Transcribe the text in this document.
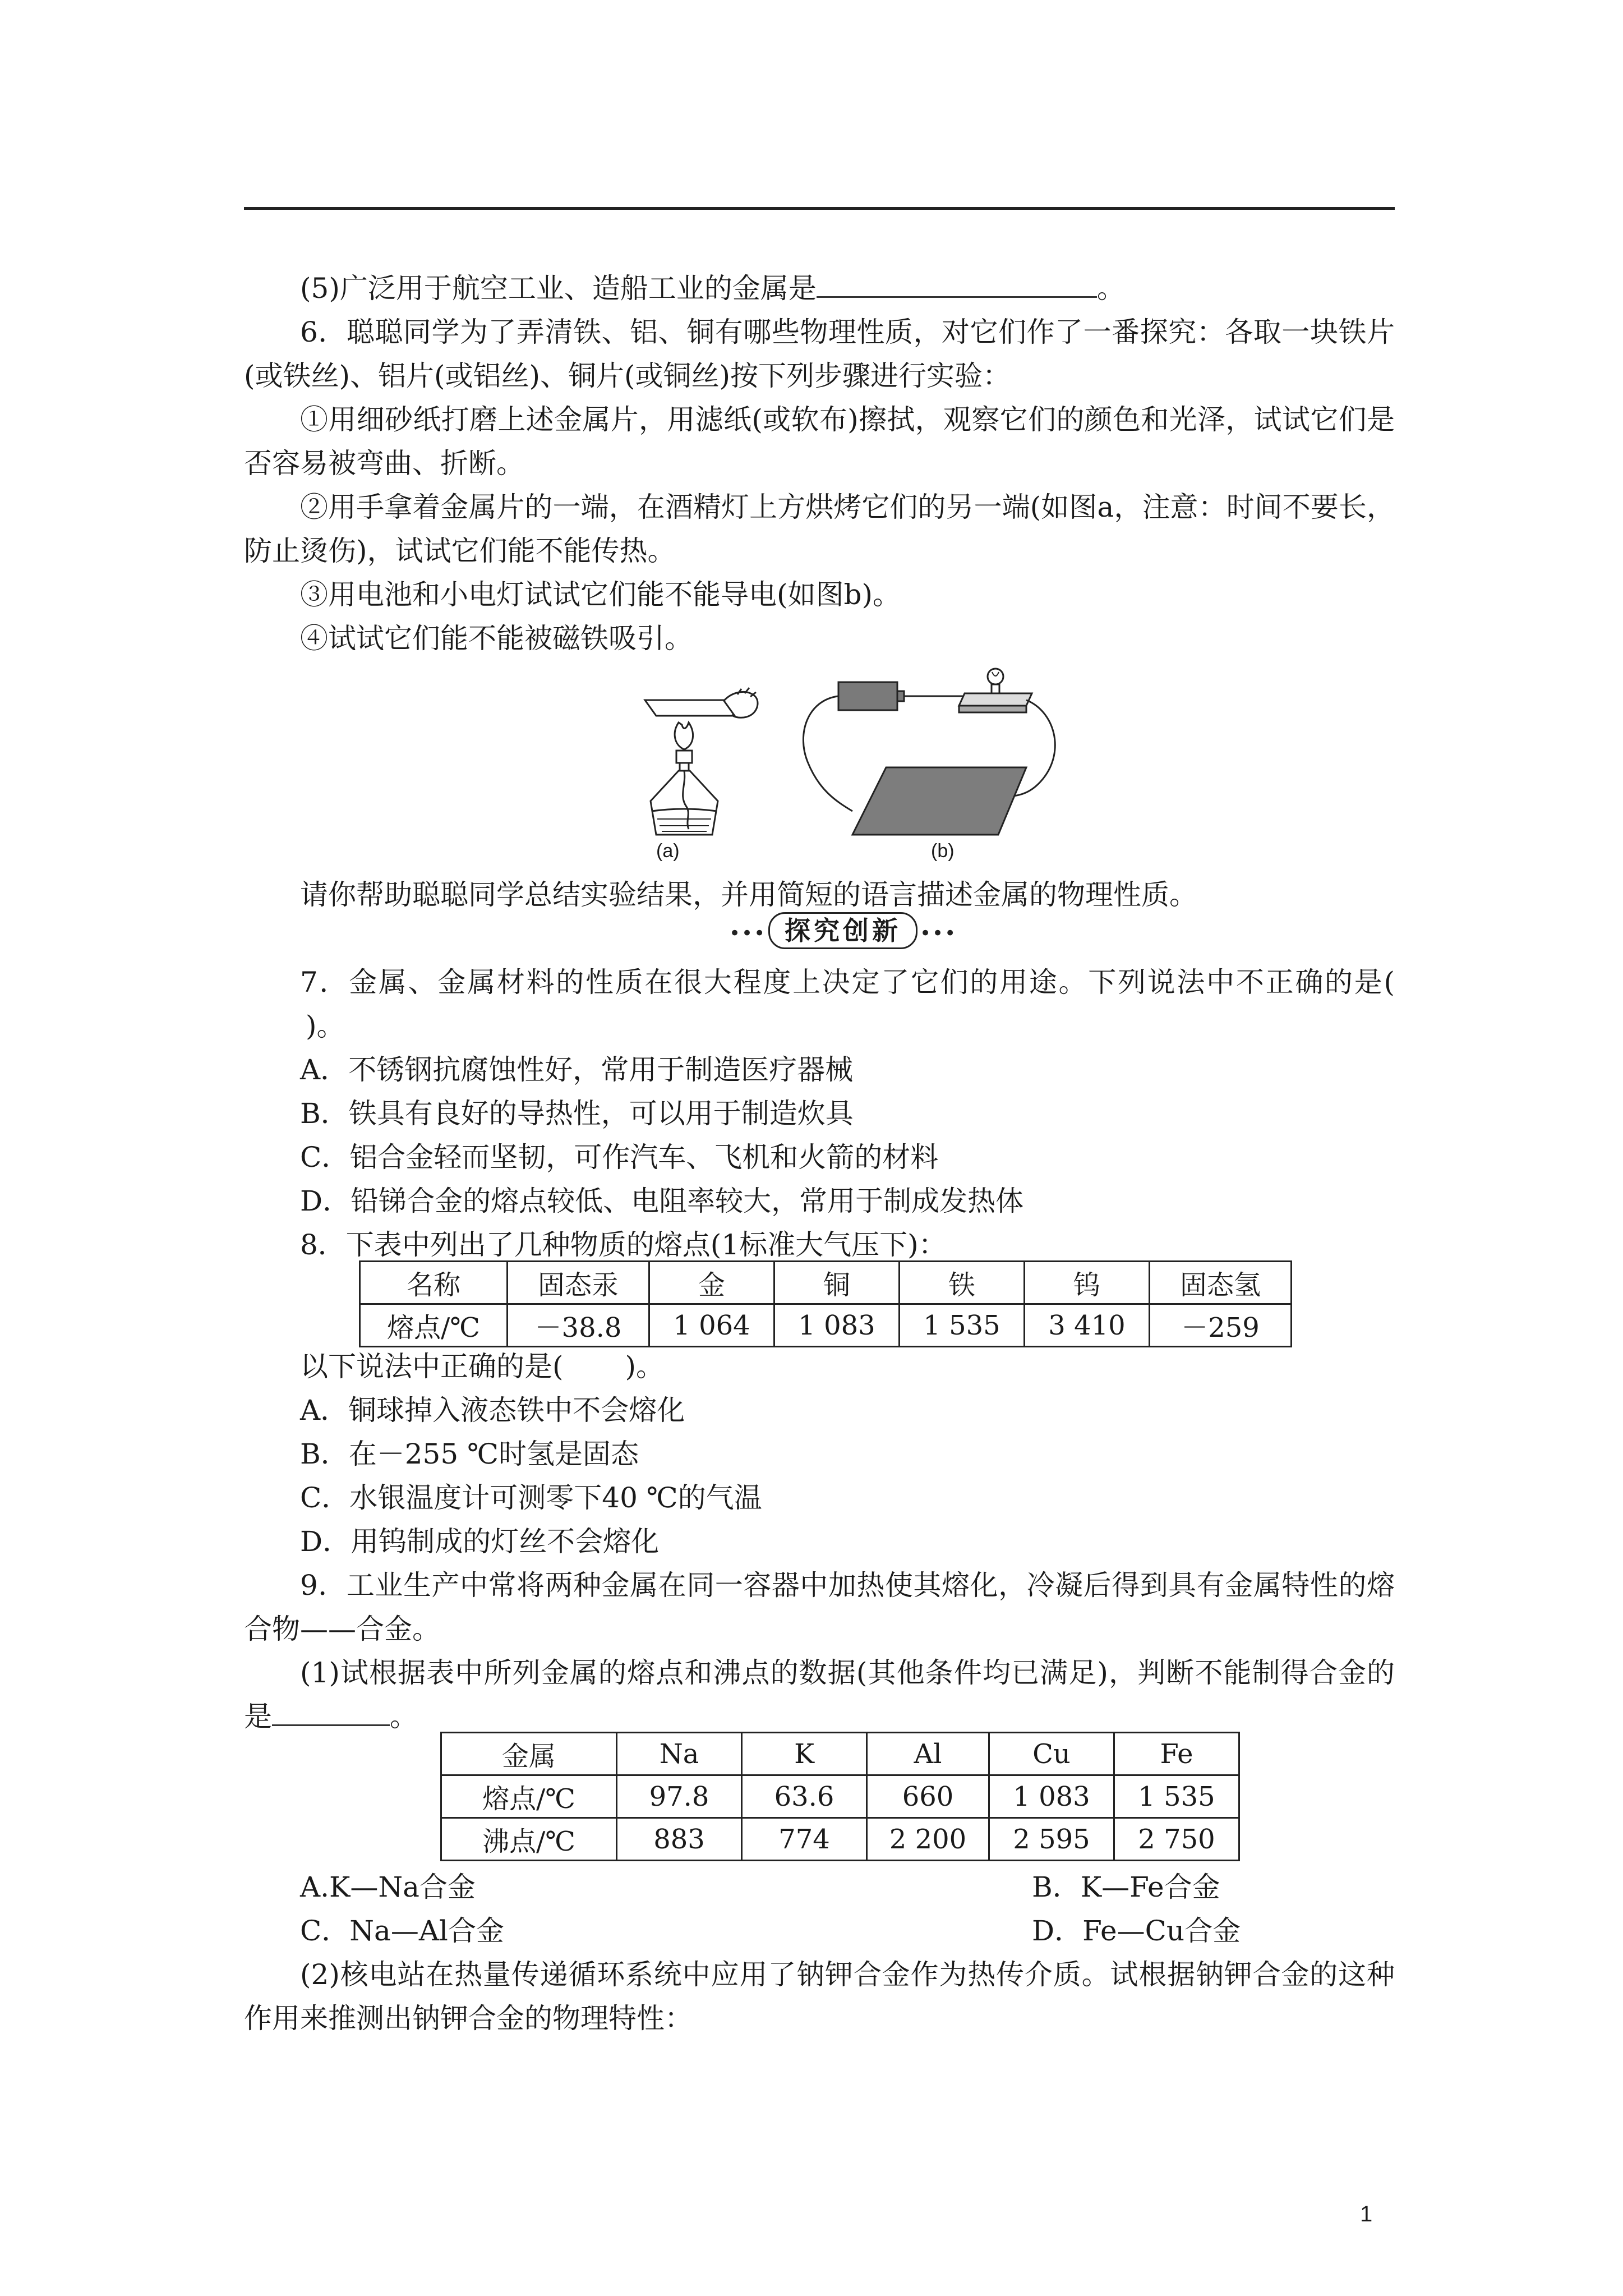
(5)广泛用于航空工业、造船工业的金属是	。
6．聪聪同学为了弄清铁、铝、铜有哪些物理性质，对它们作了一番探究：各取一块铁片(或铁丝)、铝片(或铝丝)、铜片(或铜丝)按下列步骤进行实验：
①用细砂纸打磨上述金属片，用滤纸(或软布)擦拭，观察它们的颜色和光泽，试试它们是否容易被弯曲、折断。
②用手拿着金属片的一端，在酒精灯上方烘烤它们的另一端(如图a，注意：时间不要长，防止烫伤)，试试它们能不能传热。
③用电池和小电灯试试它们能不能导电(如图b)。
④试试它们能不能被磁铁吸引。
(a)	(b)
请你帮助聪聪同学总结实验结果，并用简短的语言描述金属的物理性质。
••• 探究创新 •••
7．金属、金属材料的性质在很大程度上决定了它们的用途。下列说法中不正确的是()。
A．不锈钢抗腐蚀性好，常用于制造医疗器械
B．铁具有良好的导热性，可以用于制造炊具
C．铝合金轻而坚韧，可作汽车、飞机和火箭的材料
D．铅锑合金的熔点较低、电阻率较大，常用于制成发热体
8．下表中列出了几种物质的熔点(1标准大气压下)：
名称	固态汞	金	铜	铁	钨	固态氢
熔点/℃	－38.8	1 064	1 083	1 535	3 410	－259
以下说法中正确的是( )。
A．铜球掉入液态铁中不会熔化
B．在－255 ℃时氢是固态
C．水银温度计可测零下40 ℃的气温
D．用钨制成的灯丝不会熔化
9．工业生产中常将两种金属在同一容器中加热使其熔化，冷凝后得到具有金属特性的熔合物——合金。
(1)试根据表中所列金属的熔点和沸点的数据(其他条件均已满足)，判断不能制得合金的是	。
金属	Na	K	Al	Cu	Fe
熔点/℃	97.8	63.6	660	1 083	1 535
沸点/℃	883	774	2 200	2 595	2 750
A.K—Na合金	B．K—Fe合金
C．Na—Al合金	D．Fe—Cu合金
(2)核电站在热量传递循环系统中应用了钠钾合金作为热传介质。试根据钠钾合金的这种作用来推测出钠钾合金的物理特性：
1
